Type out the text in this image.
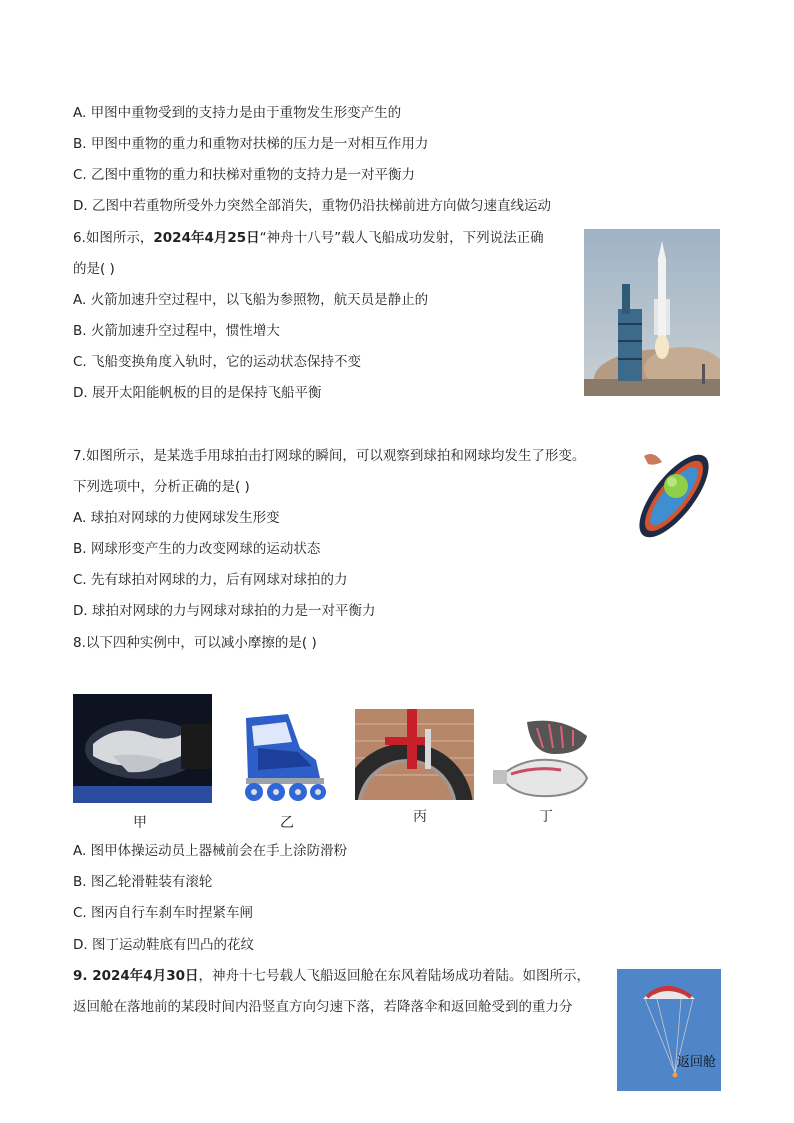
A. 甲图中重物受到的支持力是由于重物发生形变产生的
B. 甲图中重物的重力和重物对扶梯的压力是一对相互作用力
C. 乙图中重物的重力和扶梯对重物的支持力是一对平衡力
D. 乙图中若重物所受外力突然全部消失，重物仍沿扶梯前进方向做匀速直线运动
6.如图所示，2024年4月25日“神舟十八号”载人飞船成功发射，下列说法正确
的是( )
A. 火箭加速升空过程中，以飞船为参照物，航天员是静止的
B. 火箭加速升空过程中，惯性增大
C. 飞船变换角度入轨时，它的运动状态保持不变
D. 展开太阳能帆板的目的是保持飞船平衡
7.如图所示，是某选手用球拍击打网球的瞬间，可以观察到球拍和网球均发生了形变。
下列选项中，分析正确的是( )
A. 球拍对网球的力使网球发生形变
B. 网球形变产生的力改变网球的运动状态
C. 先有球拍对网球的力，后有网球对球拍的力
D. 球拍对网球的力与网球对球拍的力是一对平衡力
8.以下四种实例中，可以减小摩擦的是( )
甲	乙	丙	丁
A. 图甲体操运动员上器械前会在手上涂防滑粉
B. 图乙轮滑鞋装有滚轮
C. 图丙自行车刹车时捏紧车闸
D. 图丁运动鞋底有凹凸的花纹
9. 2024年4月30日，神舟十七号载人飞船返回舱在东风着陆场成功着陆。如图所示，
返回舱在落地前的某段时间内沿竖直方向匀速下落，若降落伞和返回舱受到的重力分
返回舱
